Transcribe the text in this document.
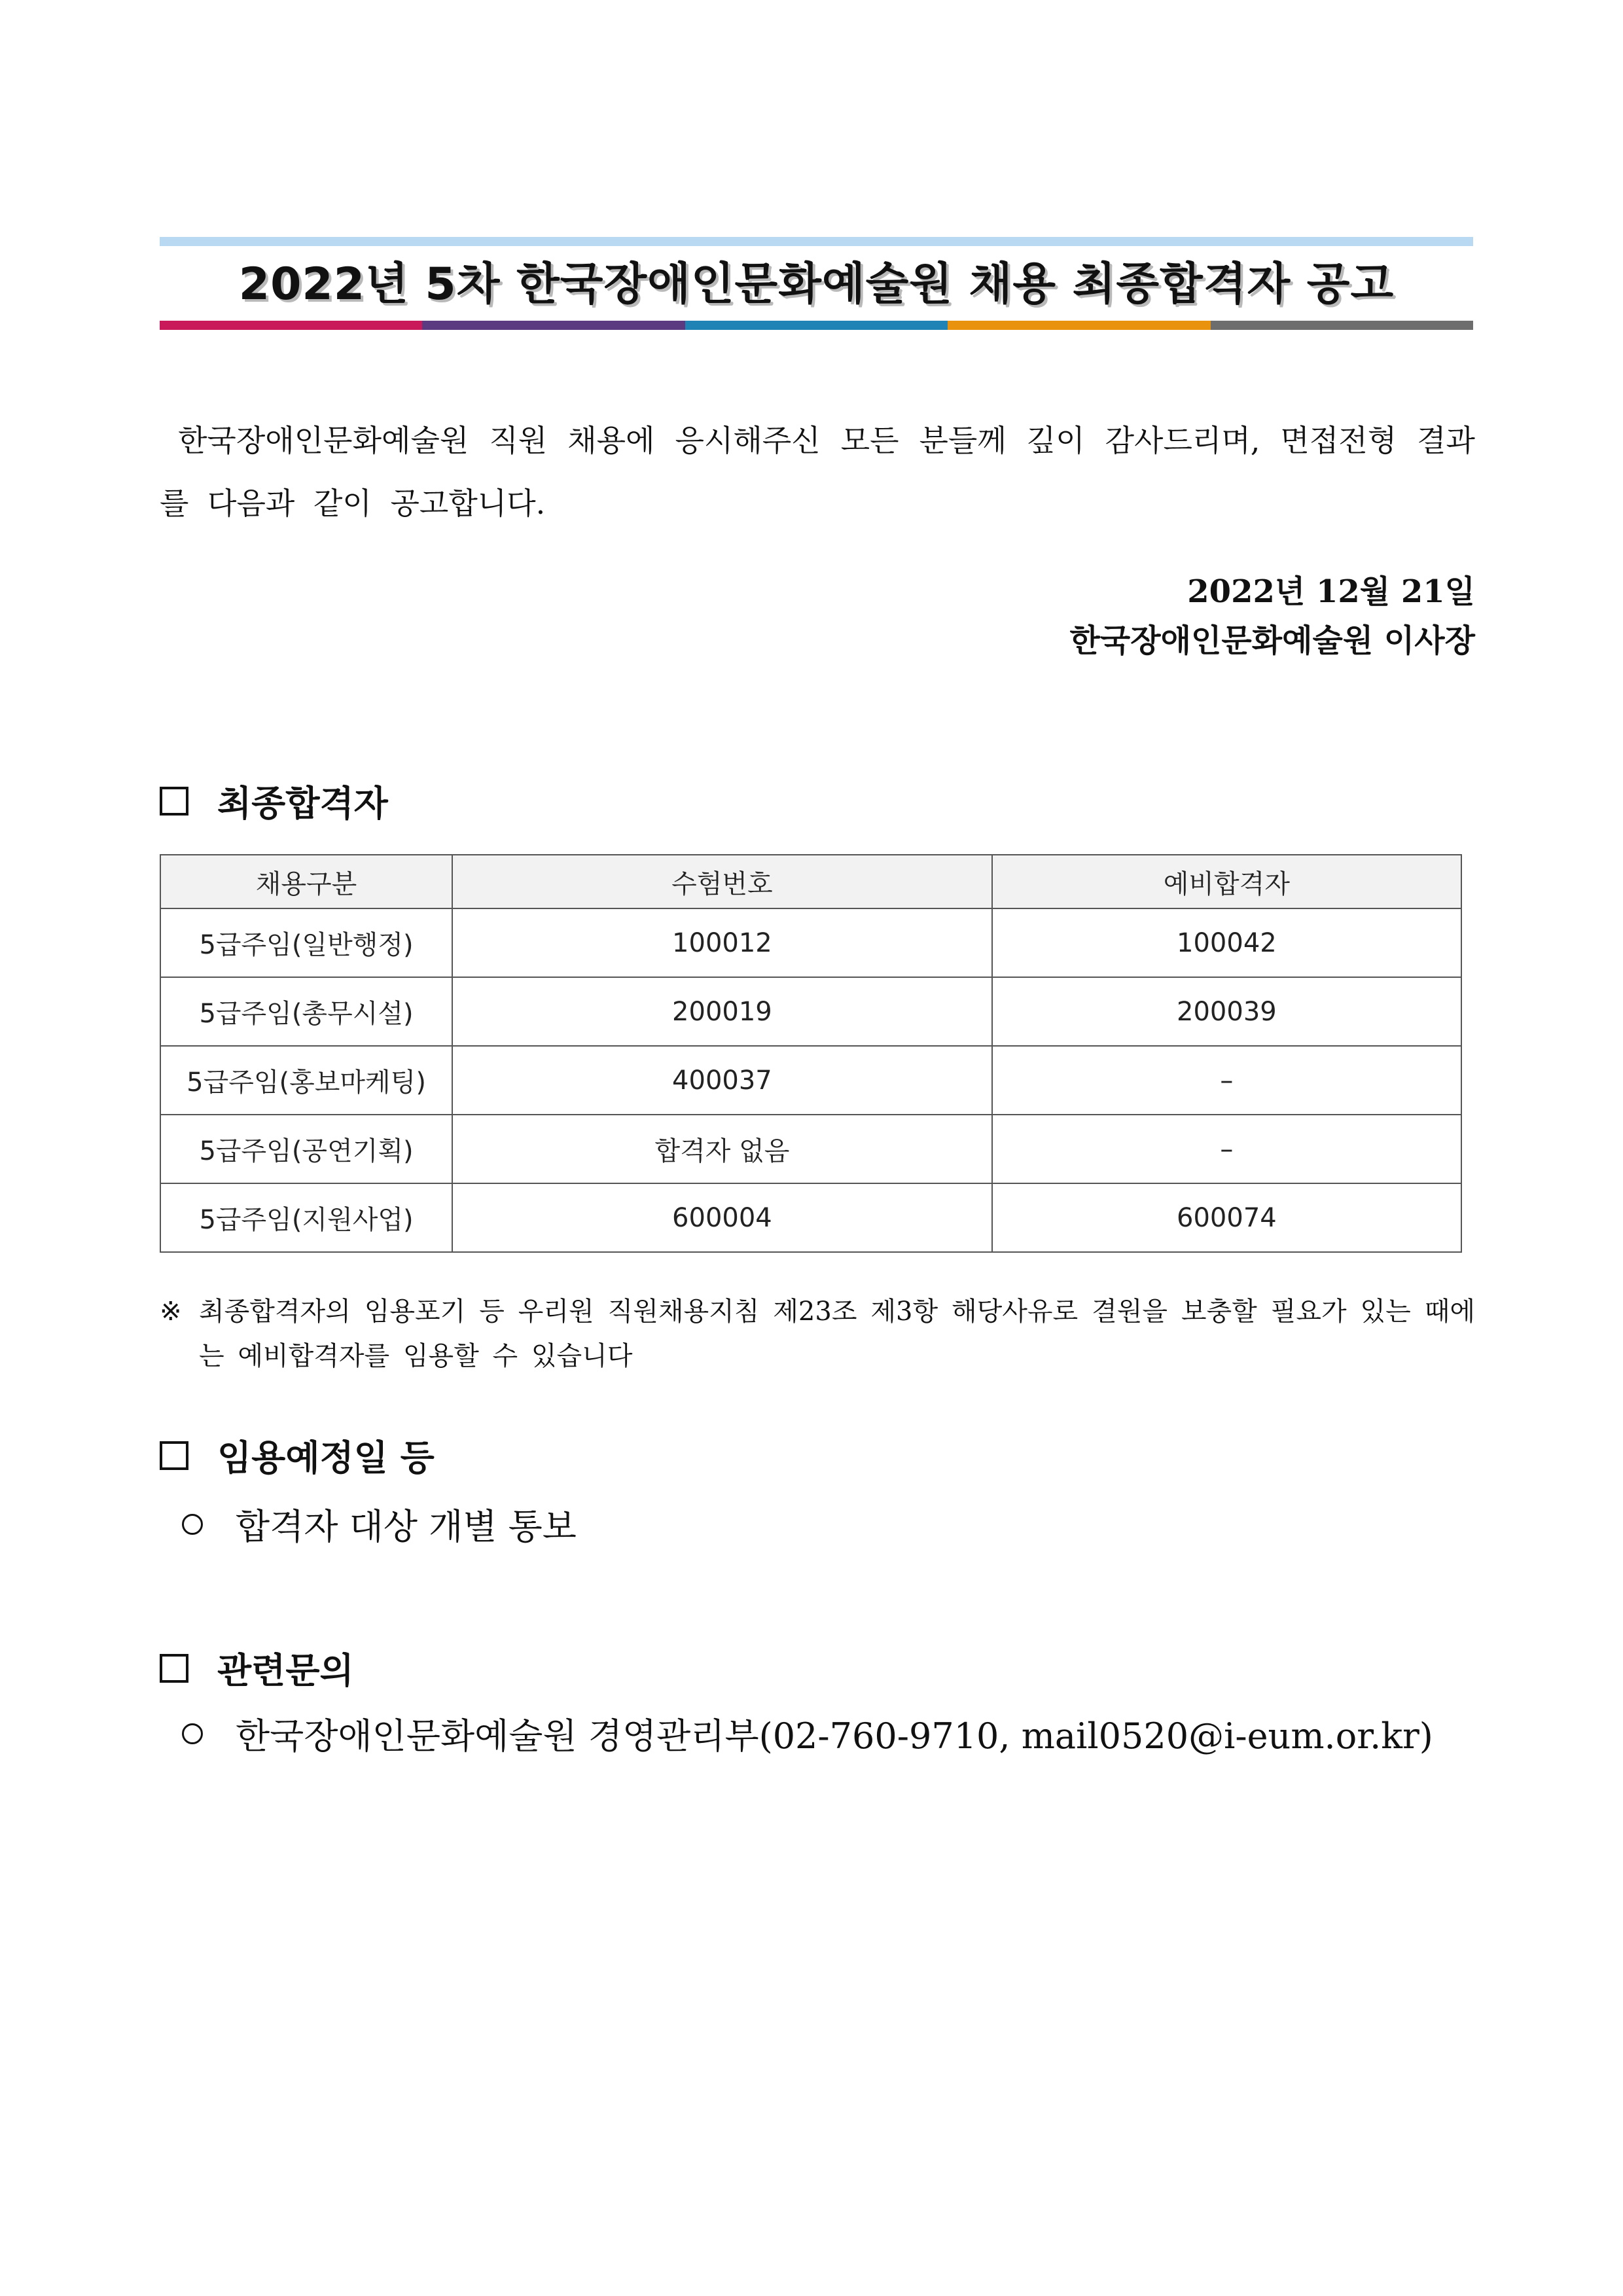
2022년 5차 한국장애인문화예술원 채용 최종합격자 공고
한국장애인문화예술원 직원 채용에 응시해주신 모든 분들께 깊이 감사드리며, 면접전형 결과를 다음과 같이 공고합니다.
2022년 12월 21일
한국장애인문화예술원 이사장
최종합격자
채용구분	수험번호	예비합격자
5급주임(일반행정)	100012	100042
5급주임(총무시설)	200019	200039
5급주임(홍보마케팅)	400037	–
5급주임(공연기획)	합격자 없음	–
5급주임(지원사업)	600004	600074
※ 최종합격자의 임용포기 등 우리원 직원채용지침 제23조 제3항 해당사유로 결원을 보충할 필요가 있는 때에는 예비합격자를 임용할 수 있습니다
임용예정일 등
합격자 대상 개별 통보
관련문의
한국장애인문화예술원 경영관리부(02-760-9710, mail0520@i-eum.or.kr)
